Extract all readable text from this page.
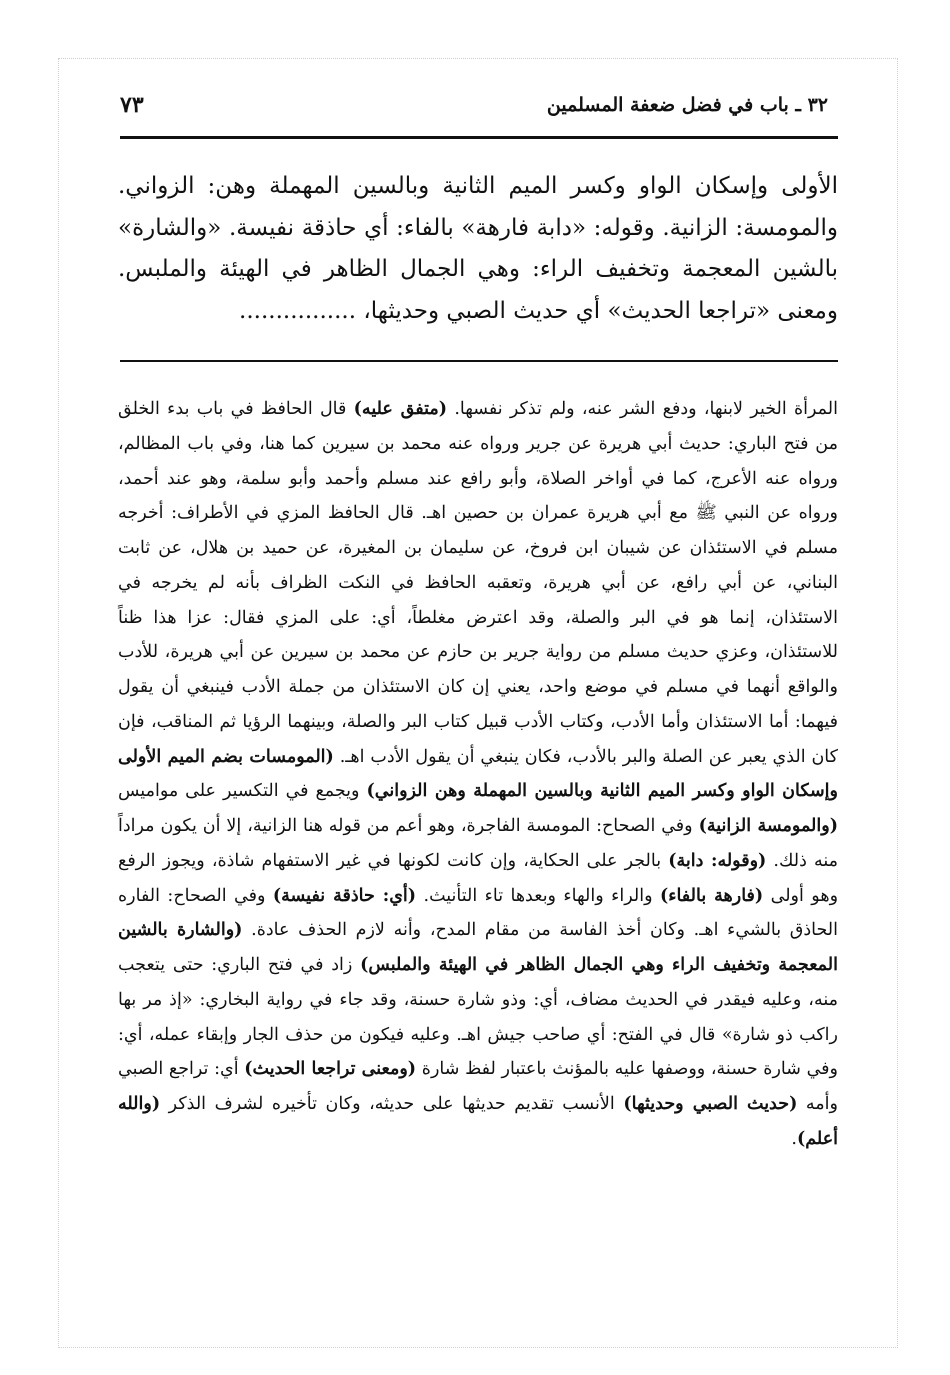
٣٢ ـ باب في فضل ضعفة المسلمين
٧٣

الأولى وإسكان الواو وكسر الميم الثانية وبالسين المهملة وهن: الزواني. والمومسة: الزانية. وقوله: «دابة فارهة» بالفاء: أي حاذقة نفيسة. «والشارة» بالشين المعجمة وتخفيف الراء: وهي الجمال الظاهر في الهيئة والملبس. ومعنى «تراجعا الحديث» أي حديث الصبي وحديثها، ................

المرأة الخير لابنها، ودفع الشر عنه، ولم تذكر نفسها. (متفق عليه) قال الحافظ في باب بدء الخلق من فتح الباري: حديث أبي هريرة عن جرير ورواه عنه محمد بن سيرين كما هنا، وفي باب المظالم، ورواه عنه الأعرج، كما في أواخر الصلاة، وأبو رافع عند مسلم وأحمد وأبو سلمة، وهو عند أحمد، ورواه عن النبي ﷺ مع أبي هريرة عمران بن حصين اهـ. قال الحافظ المزي في الأطراف: أخرجه مسلم في الاستئذان عن شيبان ابن فروخ، عن سليمان بن المغيرة، عن حميد بن هلال، عن ثابت البناني، عن أبي رافع، عن أبي هريرة، وتعقبه الحافظ في النكت الظراف بأنه لم يخرجه في الاستئذان، إنما هو في البر والصلة، وقد اعترض مغلطاً، أي: على المزي فقال: عزا هذا ظناً للاستئذان، وعزي حديث مسلم من رواية جرير بن حازم عن محمد بن سيرين عن أبي هريرة، للأدب والواقع أنهما في مسلم في موضع واحد، يعني إن كان الاستئذان من جملة الأدب فينبغي أن يقول فيهما: أما الاستئذان وأما الأدب، وكتاب الأدب قبيل كتاب البر والصلة، وبينهما الرؤيا ثم المناقب، فإن كان الذي يعبر عن الصلة والبر بالأدب، فكان ينبغي أن يقول الأدب اهـ. (المومسات بضم الميم الأولى وإسكان الواو وكسر الميم الثانية وبالسين المهملة وهن الزواني) ويجمع في التكسير على مواميس (والمومسة الزانية) وفي الصحاح: المومسة الفاجرة، وهو أعم من قوله هنا الزانية، إلا أن يكون مراداً منه ذلك. (وقوله: دابة) بالجر على الحكاية، وإن كانت لكونها في غير الاستفهام شاذة، ويجوز الرفع وهو أولى (فارهة بالفاء) والراء والهاء وبعدها تاء التأنيث. (أي: حاذقة نفيسة) وفي الصحاح: الفاره الحاذق بالشيء اهـ. وكان أخذ الفاسة من مقام المدح، وأنه لازم الحذف عادة. (والشارة بالشين المعجمة وتخفيف الراء وهي الجمال الظاهر في الهيئة والملبس) زاد في فتح الباري: حتى يتعجب منه، وعليه فيقدر في الحديث مضاف، أي: وذو شارة حسنة، وقد جاء في رواية البخاري: «إذ مر بها راكب ذو شارة» قال في الفتح: أي صاحب جيش اهـ. وعليه فيكون من حذف الجار وإبقاء عمله، أي: وفي شارة حسنة، ووصفها عليه بالمؤنث باعتبار لفظ شارة (ومعنى تراجعا الحديث) أي: تراجع الصبي وأمه (حديث الصبي وحديثها) الأنسب تقديم حديثها على حديثه، وكان تأخيره لشرف الذكر (والله أعلم).
